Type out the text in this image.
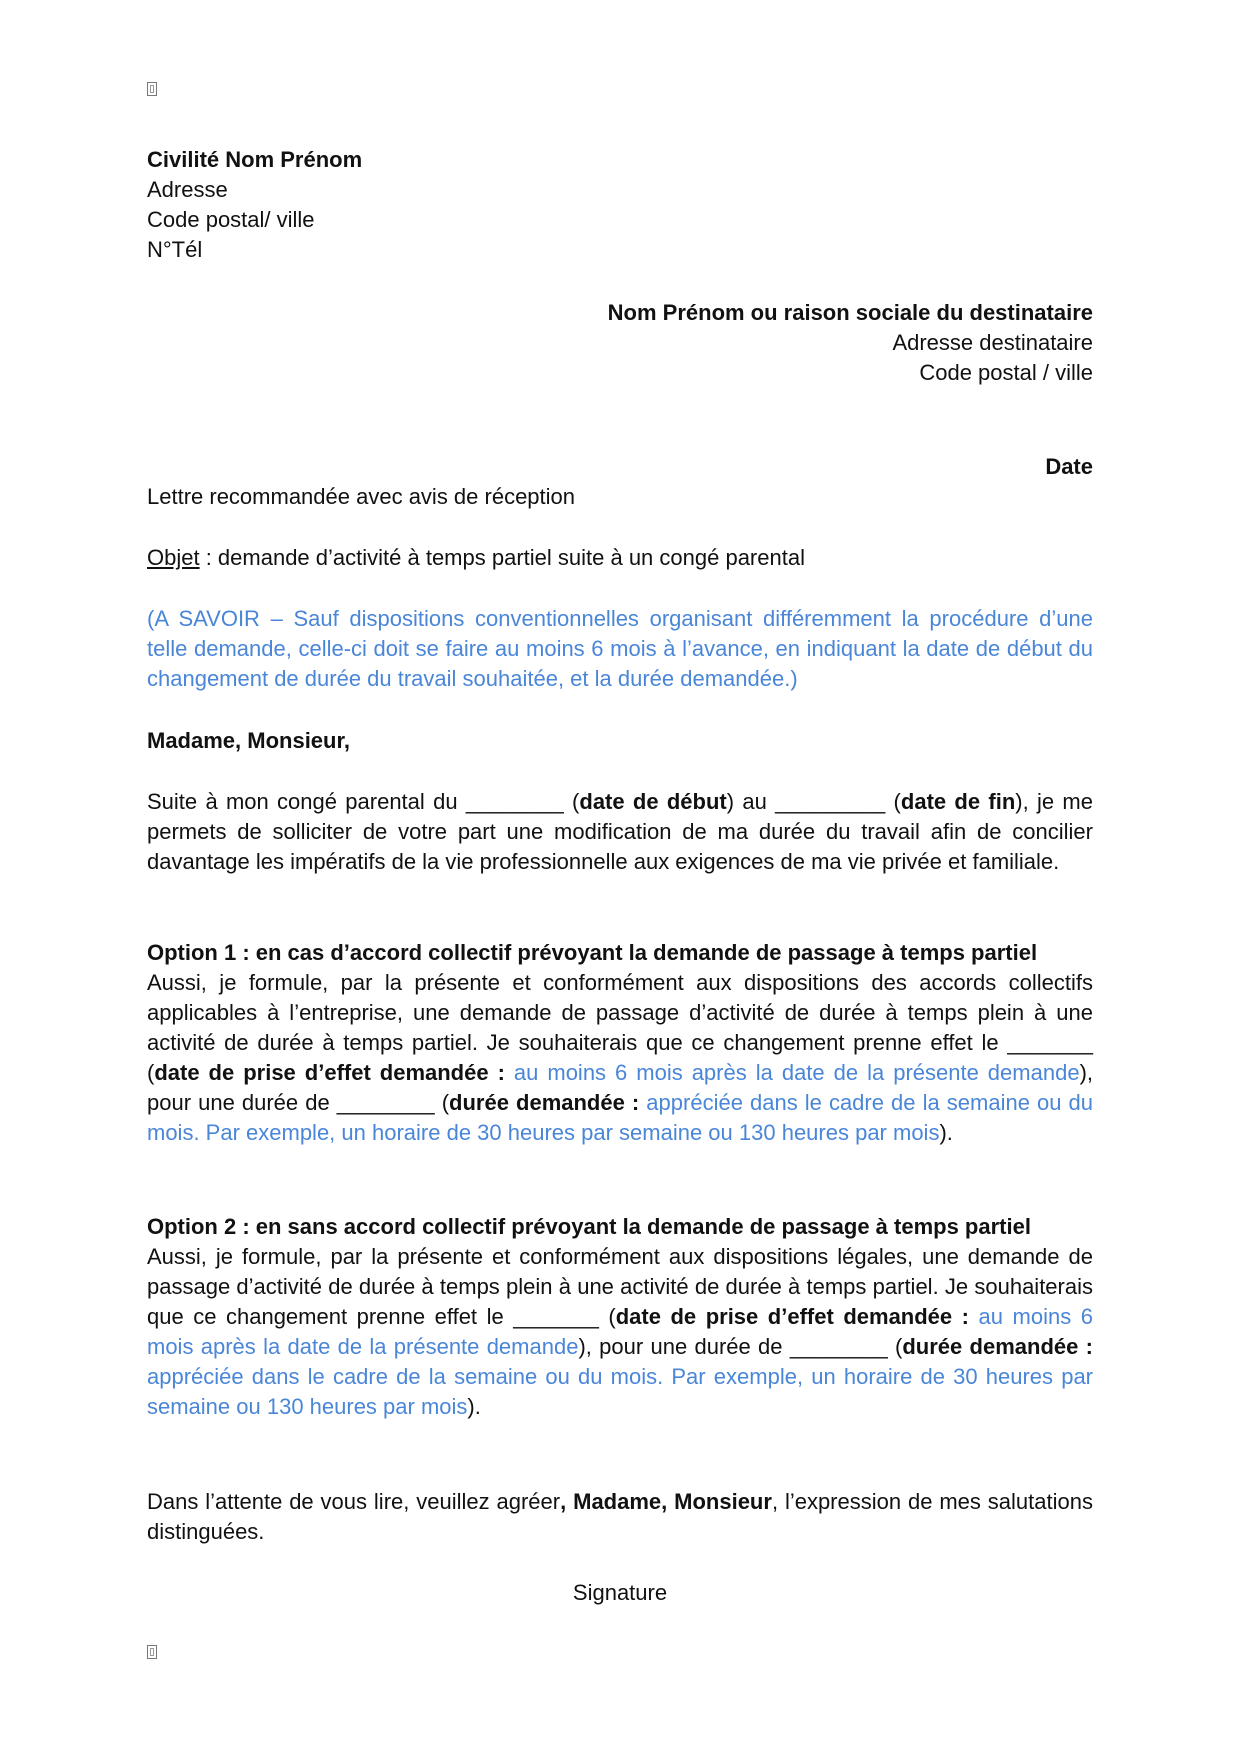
Civilité Nom Prénom
Adresse
Code postal/ ville
N°Tél
Nom Prénom ou raison sociale du destinataire
Adresse destinataire
Code postal / ville
Date
Lettre recommandée avec avis de réception
Objet : demande d’activité à temps partiel suite à un congé parental
(A SAVOIR – Sauf dispositions conventionnelles organisant différemment la procédure d’une telle demande, celle-ci doit se faire au moins 6 mois à l’avance, en indiquant la date de début du changement de durée du travail souhaitée, et la durée demandée.)
Madame, Monsieur,
Suite à mon congé parental du ________ (date de début) au _________ (date de fin), je me permets de solliciter de votre part une modification de ma durée du travail afin de concilier davantage les impératifs de la vie professionnelle aux exigences de ma vie privée et familiale.
Option 1 : en cas d’accord collectif prévoyant la demande de passage à temps partiel
Aussi, je formule, par la présente et conformément aux dispositions des accords collectifs applicables à l’entreprise, une demande de passage d’activité de durée à temps plein à une activité de durée à temps partiel. Je souhaiterais que ce changement prenne effet le _______ (date de prise d’effet demandée : au moins 6 mois après la date de la présente demande), pour une durée de ________ (durée demandée : appréciée dans le cadre de la semaine ou du mois. Par exemple, un horaire de 30 heures par semaine ou 130 heures par mois).
Option 2 : en sans accord collectif prévoyant la demande de passage à temps partiel
Aussi, je formule, par la présente et conformément aux dispositions légales, une demande de passage d’activité de durée à temps plein à une activité de durée à temps partiel. Je souhaiterais que ce changement prenne effet le _______ (date de prise d’effet demandée : au moins 6 mois après la date de la présente demande), pour une durée de ________ (durée demandée : appréciée dans le cadre de la semaine ou du mois. Par exemple, un horaire de 30 heures par semaine ou 130 heures par mois).
Dans l’attente de vous lire, veuillez agréer, Madame, Monsieur, l’expression de mes salutations distinguées.
Signature
